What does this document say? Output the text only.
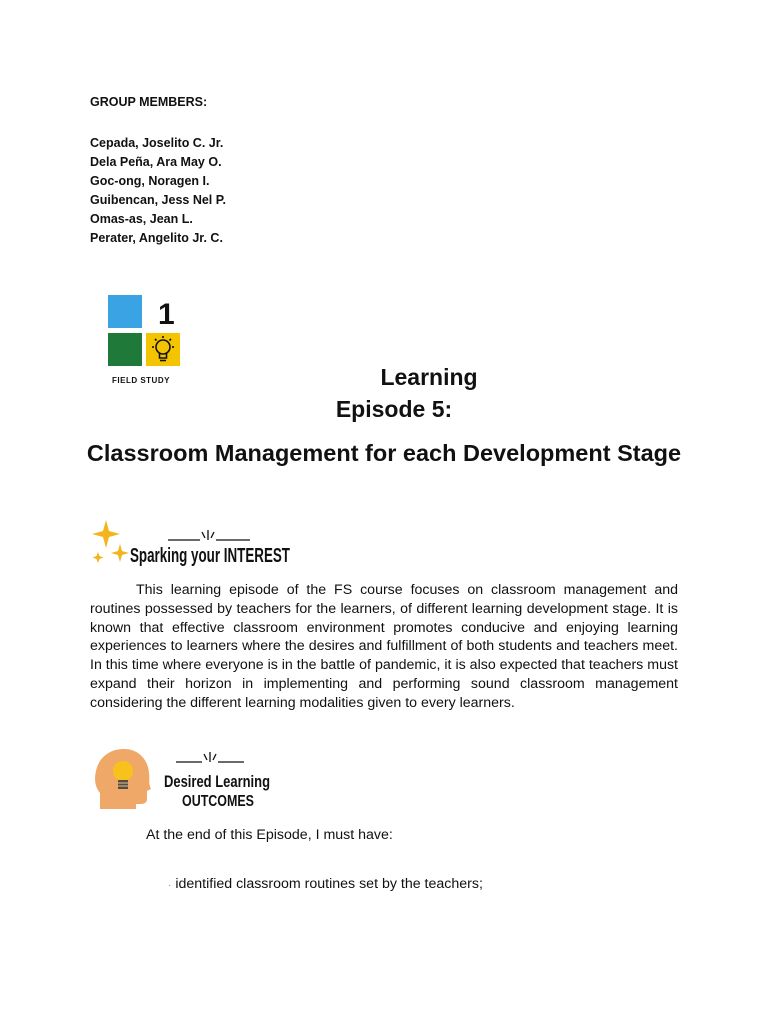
GROUP MEMBERS:
Cepada, Joselito C. Jr.
Dela Peña, Ara May O.
Goc-ong, Noragen I.
Guibencan, Jess Nel P.
Omas-as, Jean L.
Perater, Angelito Jr. C.
1
FIELD STUDY	Learning
Episode 5:
Classroom Management for each Development Stage
Sparking your INTEREST

This learning episode of the FS course focuses on classroom management and routines possessed by teachers for the learners, of different learning development stage. It is known that effective classroom environment promotes conducive and enjoying learning experiences to learners where the desires and fulfillment of both students and teachers meet. In this time where everyone is in the battle of pandemic, it is also expected that teachers must expand their horizon in implementing and performing sound classroom management considering the different learning modalities given to every learners.

Desired Learning
OUTCOMES
At the end of this Episode, I must have:
· identified classroom routines set by the teachers;
